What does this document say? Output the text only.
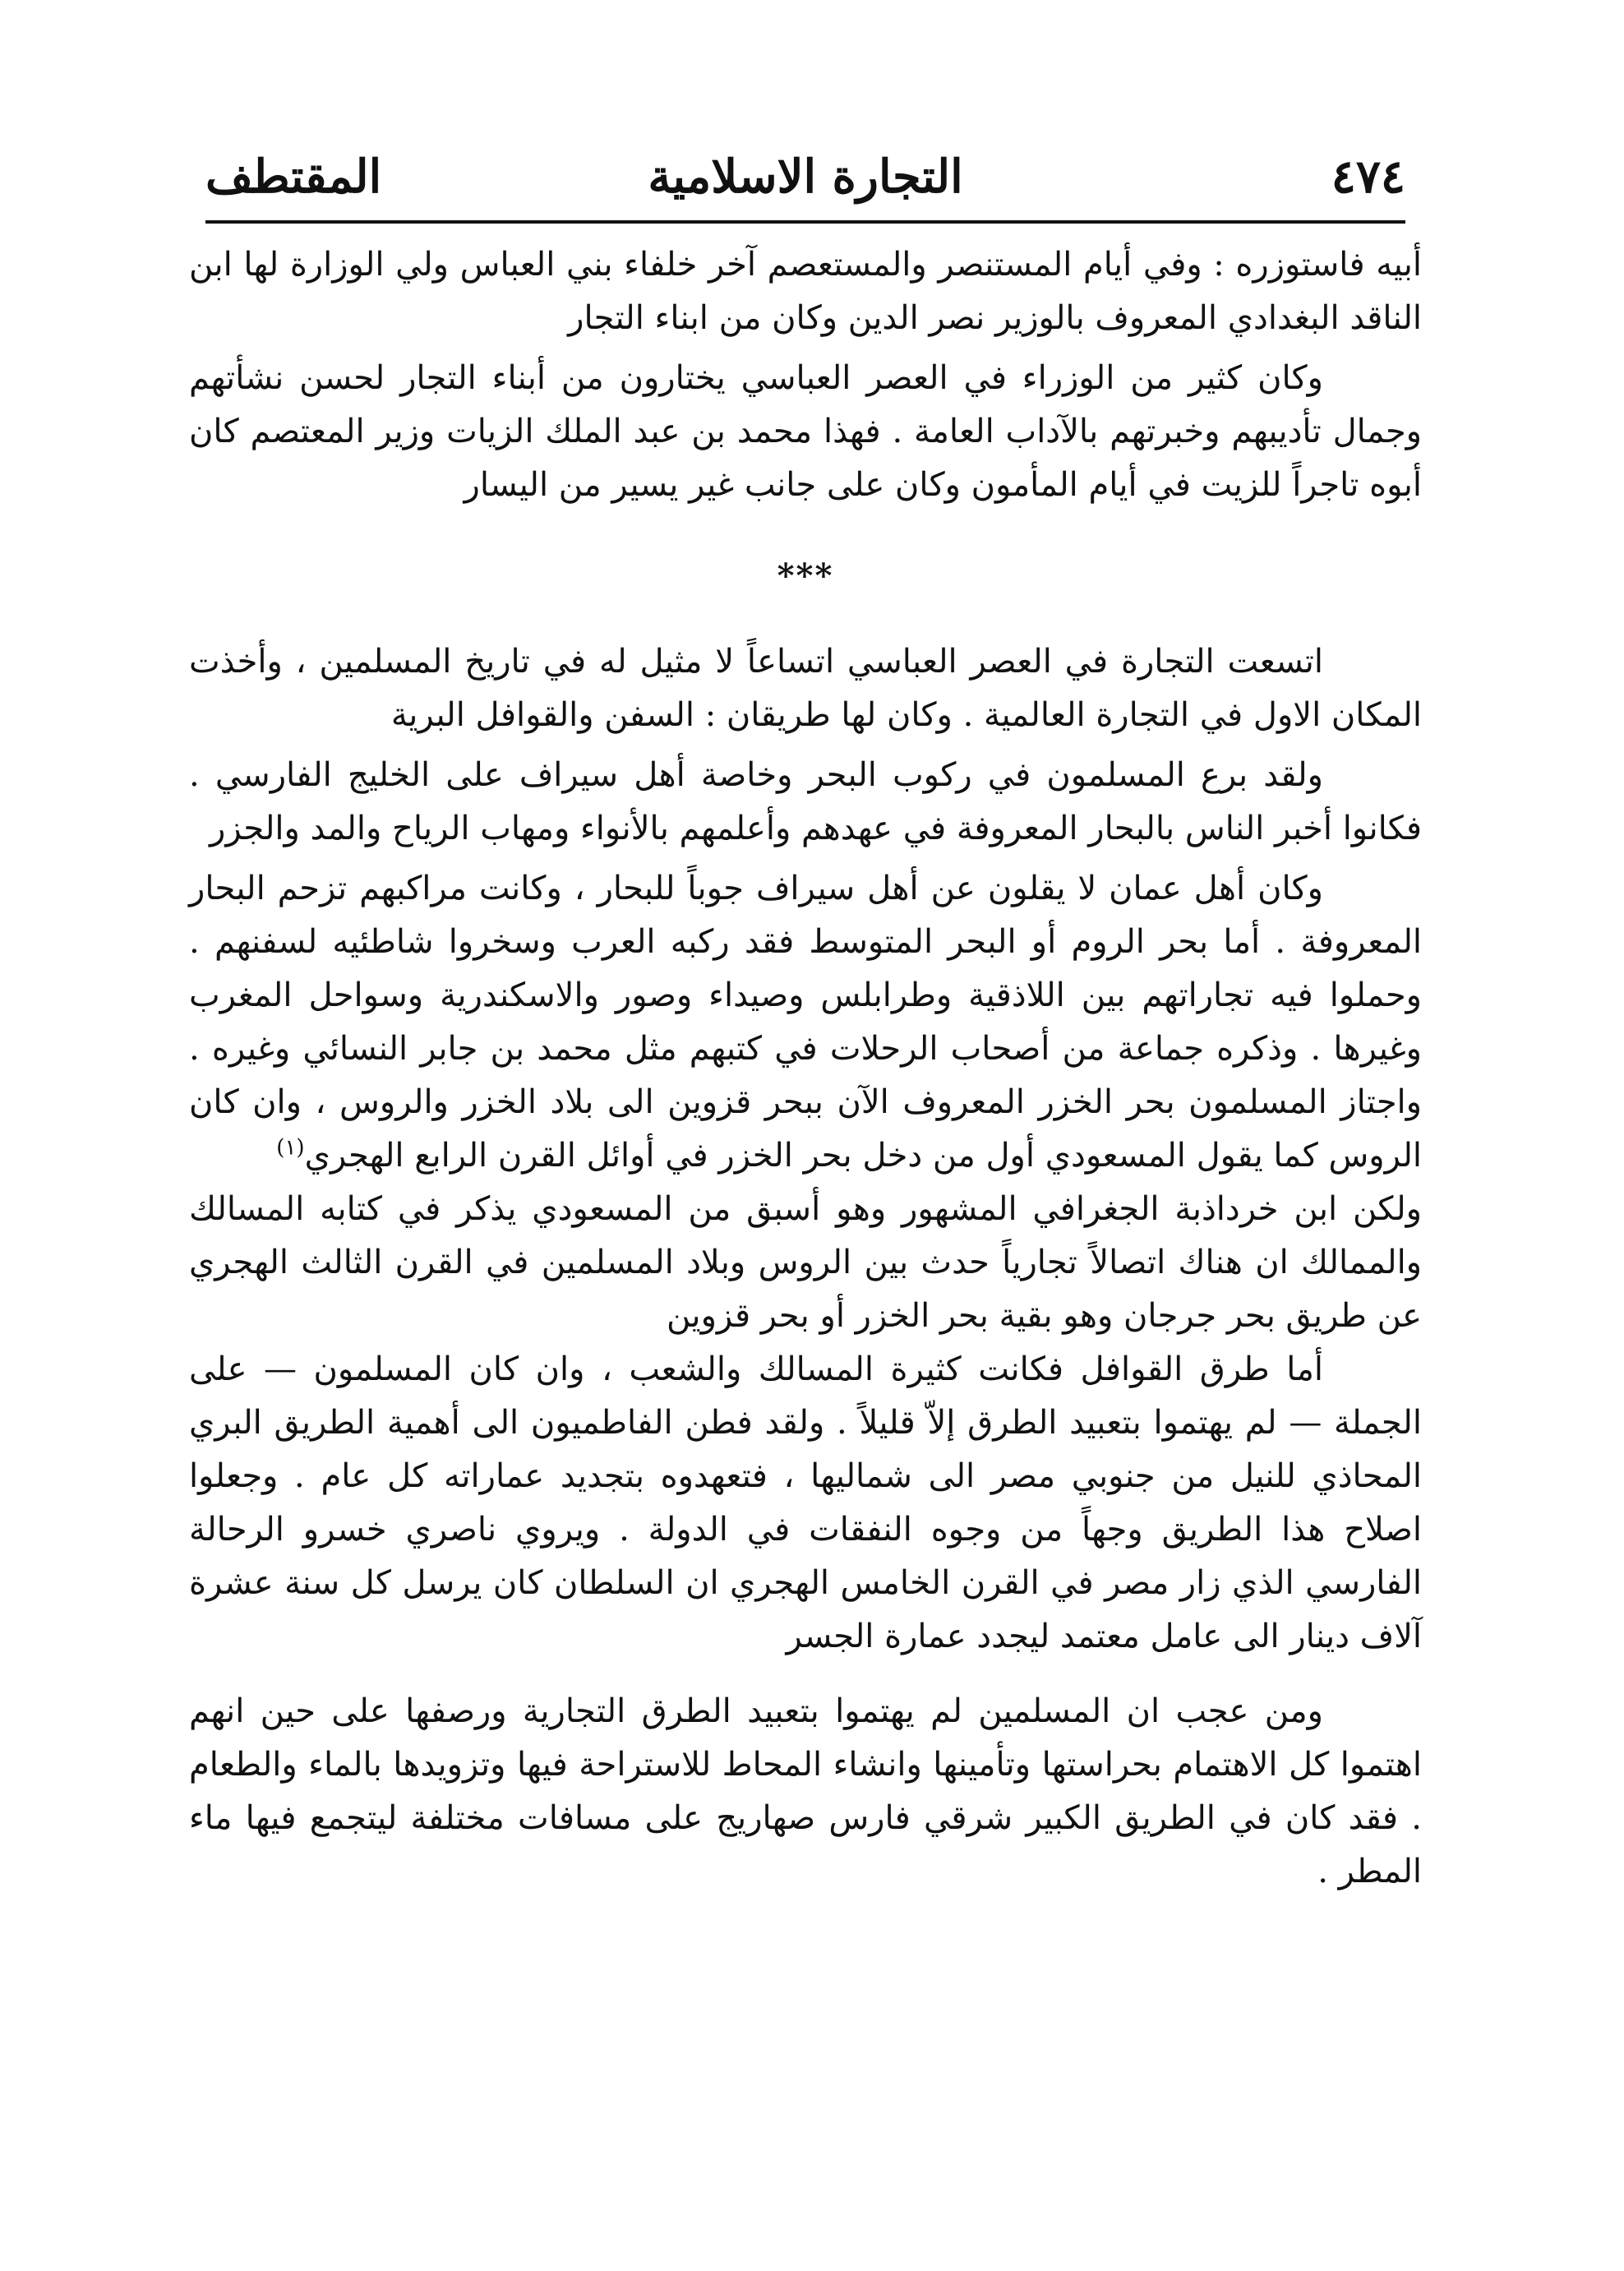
٤٧٤
التجارة الاسلامية
المقتطف

أبيه فاستوزره : وفي أيام المستنصر والمستعصم آخر خلفاء بني العباس ولي الوزارة لها ابن الناقد البغدادي المعروف بالوزير نصر الدين وكان من ابناء التجار

وكان كثير من الوزراء في العصر العباسي يختارون من أبناء التجار لحسن نشأتهم وجمال تأديبهم وخبرتهم بالآداب العامة . فهذا محمد بن عبد الملك الزيات وزير المعتصم كان أبوه تاجراً للزيت في أيام المأمون وكان على جانب غير يسير من اليسار

***

اتسعت التجارة في العصر العباسي اتساعاً لا مثيل له في تاريخ المسلمين ، وأخذت المكان الاول في التجارة العالمية . وكان لها طريقان : السفن والقوافل البرية

ولقد برع المسلمون في ركوب البحر وخاصة أهل سيراف على الخليج الفارسي . فكانوا أخبر الناس بالبحار المعروفة في عهدهم وأعلمهم بالأنواء ومهاب الرياح والمد والجزر

وكان أهل عمان لا يقلون عن أهل سيراف جوباً للبحار ، وكانت مراكبهم تزحم البحار المعروفة . أما بحر الروم أو البحر المتوسط فقد ركبه العرب وسخروا شاطئيه لسفنهم . وحملوا فيه تجاراتهم بين اللاذقية وطرابلس وصيداء وصور والاسكندرية وسواحل المغرب وغيرها . وذكره جماعة من أصحاب الرحلات في كتبهم مثل محمد بن جابر النسائي وغيره . واجتاز المسلمون بحر الخزر المعروف الآن ببحر قزوين الى بلاد الخزر والروس ، وان كان الروس كما يقول المسعودي أول من دخل بحر الخزر في أوائل القرن الرابع الهجري$^{(١)}$

ولكن ابن خرداذبة الجغرافي المشهور وهو أسبق من المسعودي يذكر في كتابه المسالك والممالك ان هناك اتصالاً تجارياً حدث بين الروس وبلاد المسلمين في القرن الثالث الهجري عن طريق بحر جرجان وهو بقية بحر الخزر أو بحر قزوين

أما طرق القوافل فكانت كثيرة المسالك والشعب ، وان كان المسلمون — على الجملة — لم يهتموا بتعبيد الطرق إلاّ قليلاً . ولقد فطن الفاطميون الى أهمية الطريق البري المحاذي للنيل من جنوبي مصر الى شماليها ، فتعهدوه بتجديد عماراته كل عام . وجعلوا اصلاح هذا الطريق وجهاً من وجوه النفقات في الدولة . ويروي ناصري خسرو الرحالة الفارسي الذي زار مصر في القرن الخامس الهجري ان السلطان كان يرسل كل سنة عشرة آلاف دينار الى عامل معتمد ليجدد عمارة الجسر

ومن عجب ان المسلمين لم يهتموا بتعبيد الطرق التجارية ورصفها على حين انهم اهتموا كل الاهتمام بحراستها وتأمينها وانشاء المحاط للاستراحة فيها وتزويدها بالماء والطعام . فقد كان في الطريق الكبير شرقي فارس صهاريج على مسافات مختلفة ليتجمع فيها ماء المطر .
